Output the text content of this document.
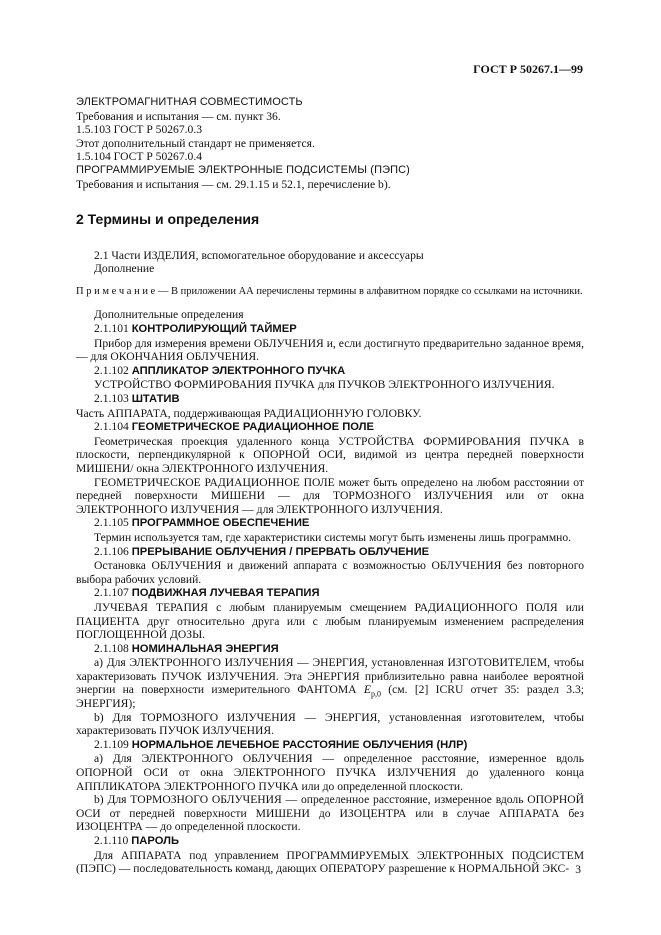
ГОСТ Р 50267.1—99
ЭЛЕКТРОМАГНИТНАЯ СОВМЕСТИМОСТЬ
Требования и испытания — см. пункт 36.
1.5.103 ГОСТ Р 50267.0.3
Этот дополнительный стандарт не применяется.
1.5.104 ГОСТ Р 50267.0.4
ПРОГРАММИРУЕМЫЕ ЭЛЕКТРОННЫЕ ПОДСИСТЕМЫ (ПЭПС)
Требования и испытания — см. 29.1.15 и 52.1, перечисление b).
2 Термины и определения
2.1 Части ИЗДЕЛИЯ, вспомогательное оборудование и аксессуары
Дополнение

П р и м е ч а н и е — В приложении АА перечислены термины в алфавитном порядке со ссылками на источники.

Дополнительные определения

2.1.101 КОНТРОЛИРУЮЩИЙ ТАЙМЕР

Прибор для измерения времени ОБЛУЧЕНИЯ и, если достигнуто предварительно заданное время, — для ОКОНЧАНИЯ ОБЛУЧЕНИЯ.

2.1.102 АППЛИКАТОР ЭЛЕКТРОННОГО ПУЧКА

УСТРОЙСТВО ФОРМИРОВАНИЯ ПУЧКА для ПУЧКОВ ЭЛЕКТРОННОГО ИЗЛУЧЕНИЯ.

2.1.103 ШТАТИВ

Часть АППАРАТА, поддерживающая РАДИАЦИОННУЮ ГОЛОВКУ.

2.1.104 ГЕОМЕТРИЧЕСКОЕ РАДИАЦИОННОЕ ПОЛЕ

Геометрическая проекция удаленного конца УСТРОЙСТВА ФОРМИРОВАНИЯ ПУЧКА в плоскости, перпендикулярной к ОПОРНОЙ ОСИ, видимой из центра передней поверхности МИШЕНИ/ окна ЭЛЕКТРОННОГО ИЗЛУЧЕНИЯ.

ГЕОМЕТРИЧЕСКОЕ РАДИАЦИОННОЕ ПОЛЕ может быть определено на любом расстоянии от передней поверхности МИШЕНИ — для ТОРМОЗНОГО ИЗЛУЧЕНИЯ или от окна ЭЛЕКТРОННОГО ИЗЛУЧЕНИЯ — для ЭЛЕКТРОННОГО ИЗЛУЧЕНИЯ.

2.1.105 ПРОГРАММНОЕ ОБЕСПЕЧЕНИЕ

Термин используется там, где характеристики системы могут быть изменены лишь программно.

2.1.106 ПРЕРЫВАНИЕ ОБЛУЧЕНИЯ / ПРЕРВАТЬ ОБЛУЧЕНИЕ

Остановка ОБЛУЧЕНИЯ и движений аппарата с возможностью ОБЛУЧЕНИЯ без повторного выбора рабочих условий.

2.1.107 ПОДВИЖНАЯ ЛУЧЕВАЯ ТЕРАПИЯ

ЛУЧЕВАЯ ТЕРАПИЯ с любым планируемым смещением РАДИАЦИОННОГО ПОЛЯ или ПАЦИЕНТА друг относительно друга или с любым планируемым изменением распределения ПОГЛОЩЕННОЙ ДОЗЫ.

2.1.108 НОМИНАЛЬНАЯ ЭНЕРГИЯ

а) Для ЭЛЕКТРОННОГО ИЗЛУЧЕНИЯ — ЭНЕРГИЯ, установленная ИЗГОТОВИТЕЛЕМ, чтобы характеризовать ПУЧОК ИЗЛУЧЕНИЯ. Эта ЭНЕРГИЯ приблизительно равна наиболее вероятной энергии на поверхности измерительного ФАНТОМА $E_{p,0}$ (см. [2] ICRU отчет 35: раздел 3.3; ЭНЕРГИЯ);

b) Для ТОРМОЗНОГО ИЗЛУЧЕНИЯ — ЭНЕРГИЯ, установленная изготовителем, чтобы характеризовать ПУЧОК ИЗЛУЧЕНИЯ.

2.1.109 НОРМАЛЬНОЕ ЛЕЧЕБНОЕ РАССТОЯНИЕ ОБЛУЧЕНИЯ (НЛР)

а) Для ЭЛЕКТРОННОГО ОБЛУЧЕНИЯ — определенное расстояние, измеренное вдоль ОПОРНОЙ ОСИ от окна ЭЛЕКТРОННОГО ПУЧКА ИЗЛУЧЕНИЯ до удаленного конца АППЛИКАТОРА ЭЛЕКТРОННОГО ПУЧКА или до определенной плоскости.

b) Для ТОРМОЗНОГО ОБЛУЧЕНИЯ — определенное расстояние, измеренное вдоль ОПОРНОЙ ОСИ от передней поверхности МИШЕНИ до ИЗОЦЕНТРА или в случае АППАРАТА без ИЗОЦЕНТРА — до определенной плоскости.

2.1.110 ПАРОЛЬ

Для АППАРАТА под управлением ПРОГРАММИРУЕМЫХ ЭЛЕКТРОННЫХ ПОДСИСТЕМ (ПЭПС) — последовательность команд, дающих ОПЕРАТОРУ разрешение к НОРМАЛЬНОЙ ЭКС- 3
